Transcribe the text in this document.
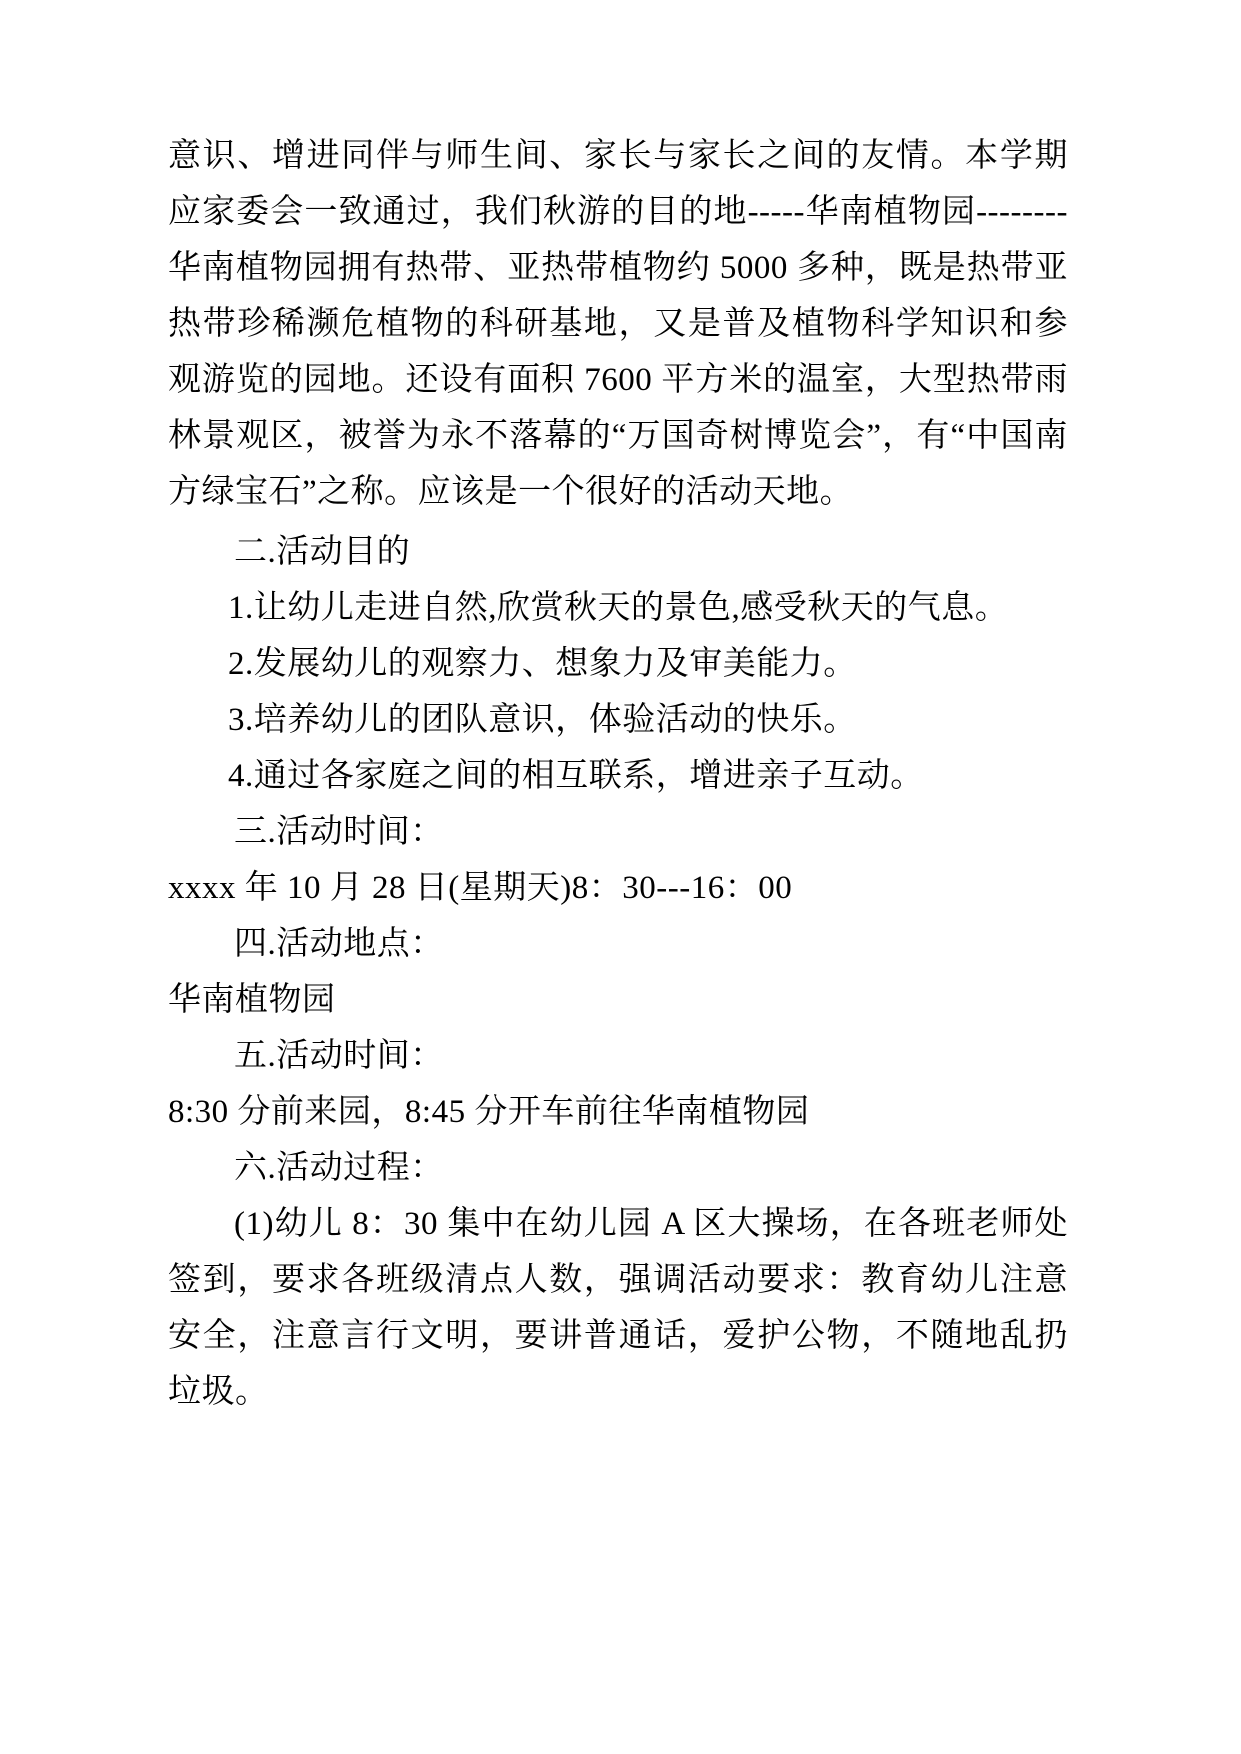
意识、增进同伴与师生间、家长与家长之间的友情。本学期应家委会一致通过，我们秋游的目的地-----华南植物园--------华南植物园拥有热带、亚热带植物约 5000 多种，既是热带亚热带珍稀濒危植物的科研基地，又是普及植物科学知识和参观游览的园地。还设有面积 7600 平方米的温室，大型热带雨林景观区，被誉为永不落幕的“万国奇树博览会”，有“中国南方绿宝石”之称。应该是一个很好的活动天地。

二.活动目的

1.让幼儿走进自然,欣赏秋天的景色,感受秋天的气息。

2.发展幼儿的观察力、想象力及审美能力。

3.培养幼儿的团队意识，体验活动的快乐。

4.通过各家庭之间的相互联系，增进亲子互动。

三.活动时间：

xxxx 年 10 月 28 日(星期天)8：30---16：00

四.活动地点：

华南植物园

五.活动时间：

8:30 分前来园，8:45 分开车前往华南植物园

六.活动过程：

(1)幼儿 8：30 集中在幼儿园 A 区大操场，在各班老师处签到，要求各班级清点人数，强调活动要求：教育幼儿注意安全，注意言行文明，要讲普通话，爱护公物，不随地乱扔垃圾。
